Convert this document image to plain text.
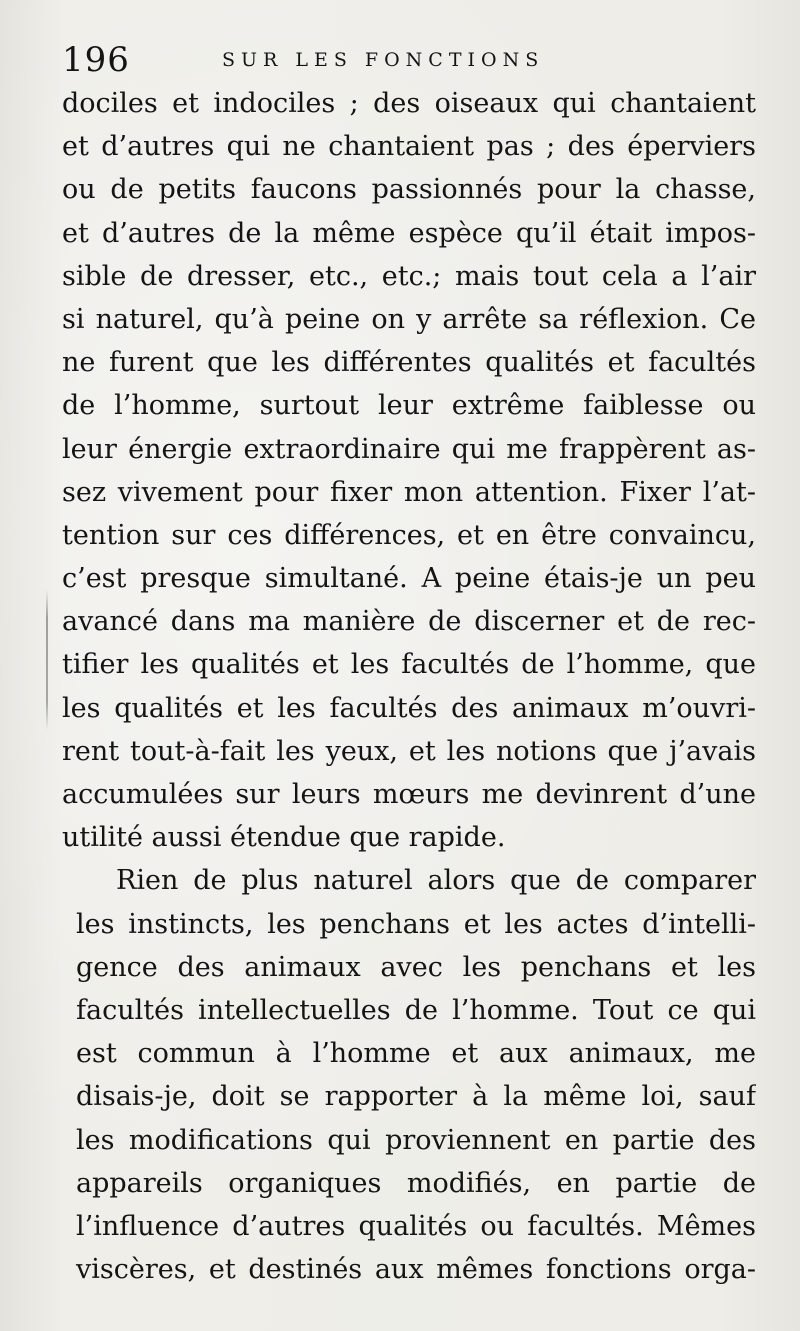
196	SUR LES FONCTIONS
dociles et indociles ; des oiseaux qui chantaient
et d’autres qui ne chantaient pas ; des éperviers
ou de petits faucons passionnés pour la chasse,
et d’autres de la même espèce qu’il était impos-
sible de dresser, etc., etc.; mais tout cela a l’air
si naturel, qu’à peine on y arrête sa réflexion. Ce
ne furent que les différentes qualités et facultés
de l’homme, surtout leur extrême faiblesse ou
leur énergie extraordinaire qui me frappèrent as-
sez vivement pour fixer mon attention. Fixer l’at-
tention sur ces différences, et en être convaincu,
c’est presque simultané. A peine étais-je un peu
avancé dans ma manière de discerner et de rec-
tifier les qualités et les facultés de l’homme, que
les qualités et les facultés des animaux m’ouvri-
rent tout-à-fait les yeux, et les notions que j’avais
accumulées sur leurs mœurs me devinrent d’une
utilité aussi étendue que rapide.
Rien de plus naturel alors que de comparer
les instincts, les penchans et les actes d’intelli-
gence des animaux avec les penchans et les
facultés intellectuelles de l’homme. Tout ce qui
est commun à l’homme et aux animaux, me
disais-je, doit se rapporter à la même loi, sauf
les modifications qui proviennent en partie des
appareils organiques modifiés, en partie de
l’influence d’autres qualités ou facultés. Mêmes
viscères, et destinés aux mêmes fonctions orga-
